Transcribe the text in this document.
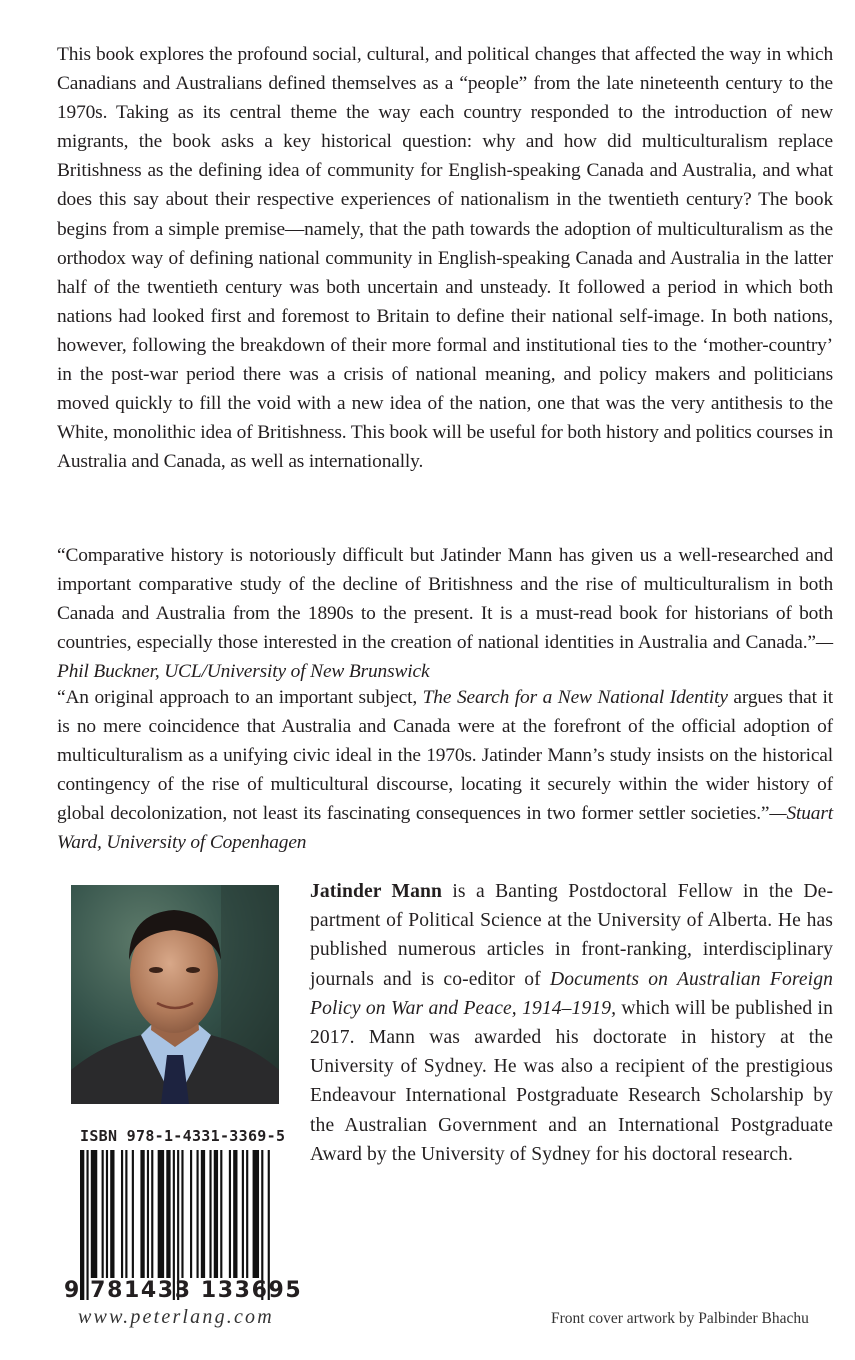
This book explores the profound social, cultural, and political changes that affected the way in which Canadians and Australians defined themselves as a “people” from the late nineteenth century to the 1970s. Taking as its central theme the way each country responded to the introduction of new migrants, the book asks a key historical question: why and how did multiculturalism replace Britishness as the defining idea of community for English-speaking Canada and Australia, and what does this say about their respective experiences of nationalism in the twentieth century? The book begins from a simple premise—namely, that the path towards the adoption of multiculturalism as the orthodox way of defining national community in English-speaking Canada and Australia in the latter half of the twentieth century was both uncertain and unsteady. It followed a period in which both nations had looked first and foremost to Britain to define their national self-image. In both nations, however, following the breakdown of their more formal and institutional ties to the ‘mother-country’ in the post-war period there was a crisis of national meaning, and policy makers and politicians moved quickly to fill the void with a new idea of the nation, one that was the very antithesis to the White, monolithic idea of Britishness. This book will be useful for both history and politics courses in Australia and Canada, as well as internationally.

“Comparative history is notoriously difficult but Jatinder Mann has given us a well-researched and important comparative study of the decline of Britishness and the rise of multiculturalism in both Canada and Australia from the 1890s to the present. It is a must-read book for historians of both countries, especially those interested in the creation of national identities in Australia and Canada.”—Phil Buckner, UCL/University of New Brunswick

“An original approach to an important subject, The Search for a New National Identity argues that it is no mere coincidence that Australia and Canada were at the forefront of the official adoption of multiculturalism as a unifying civic ideal in the 1970s. Jatinder Mann’s study insists on the historical contingency of the rise of multicultural discourse, locating it securely within the wider history of global decolonization, not least its fascinating consequences in two former settler societies.”—Stuart Ward, University of Copenhagen

Jatinder Mann is a Banting Postdoctoral Fellow in the Department of Political Science at the University of Alberta. He has published numerous articles in front-ranking, interdisciplinary journals and is co-editor of Documents on Australian Foreign Policy on War and Peace, 1914–1919, which will be published in 2017. Mann was awarded his doctorate in history at the University of Sydney. He was also a recipient of the prestigious Endeavour International Postgraduate Research Scholarship by the Australian Government and an International Postgraduate Award by the University of Sydney for his doctoral research.

ISBN 978-1-4331-3369-5
9 781433 133695
www.peterlang.com	Front cover artwork by Palbinder Bhachu
